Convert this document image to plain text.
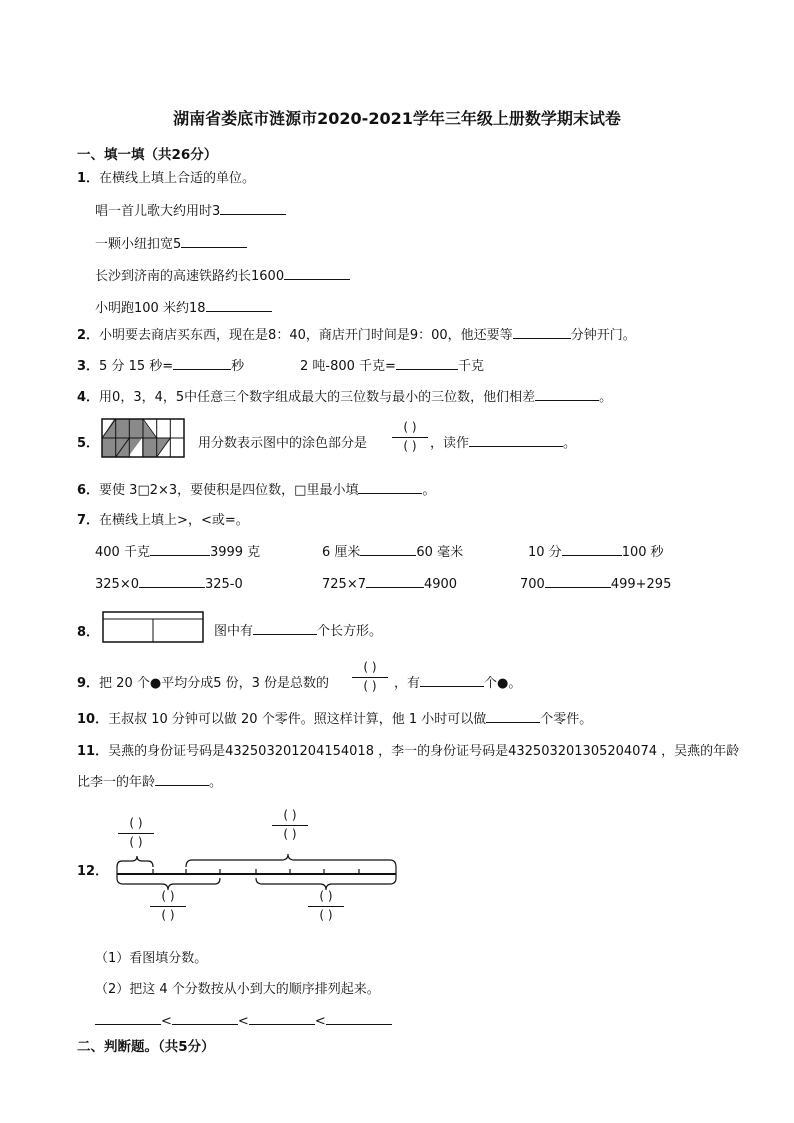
湖南省娄底市涟源市2020-2021学年三年级上册数学期末试卷
一、填一填（共26分）
1．在横线上填上合适的单位。
唱一首儿歌大约用时3
一颗小纽扣宽5
长沙到济南的高速铁路约长1600
小明跑100 米约18
2．小明要去商店买东西，现在是8：40，商店开门时间是9：00，他还要等	分钟开门。
3．5 分 15 秒=	秒	2 吨-800 千克=	千克
4．用0，3，4，5中任意三个数字组成最大的三位数与最小的三位数，他们相差	。
5．	用分数表示图中的涂色部分是
( )
( )	，读作	。
6．要使 3□2×3，要使积是四位数，□里最小填	。
7．在横线上填上>，<或=。
400 千克	3999 克	6 厘米	60 毫米	10 分	100 秒
325×0	325-0	725×7	4900	700	499+295
8．	图中有	个长方形。
9．把 20 个●平均分成5 份，3 份是总数的
( )
( )	，有	个●。
10．王叔叔 10 分钟可以做 20 个零件。照这样计算，他 1 小时可以做	个零件。
11．吴燕的身份证号码是432503201204154018 ，李一的身份证号码是432503201305204074 ，吴燕的年龄
比李一的年龄	。
12．
( )
( )
( )
( )
( )
( )
( )
( )
（1）看图填分数。
（2）把这 4 个分数按从小到大的顺序排列起来。
<	<	<
二、判断题。（共5分）
